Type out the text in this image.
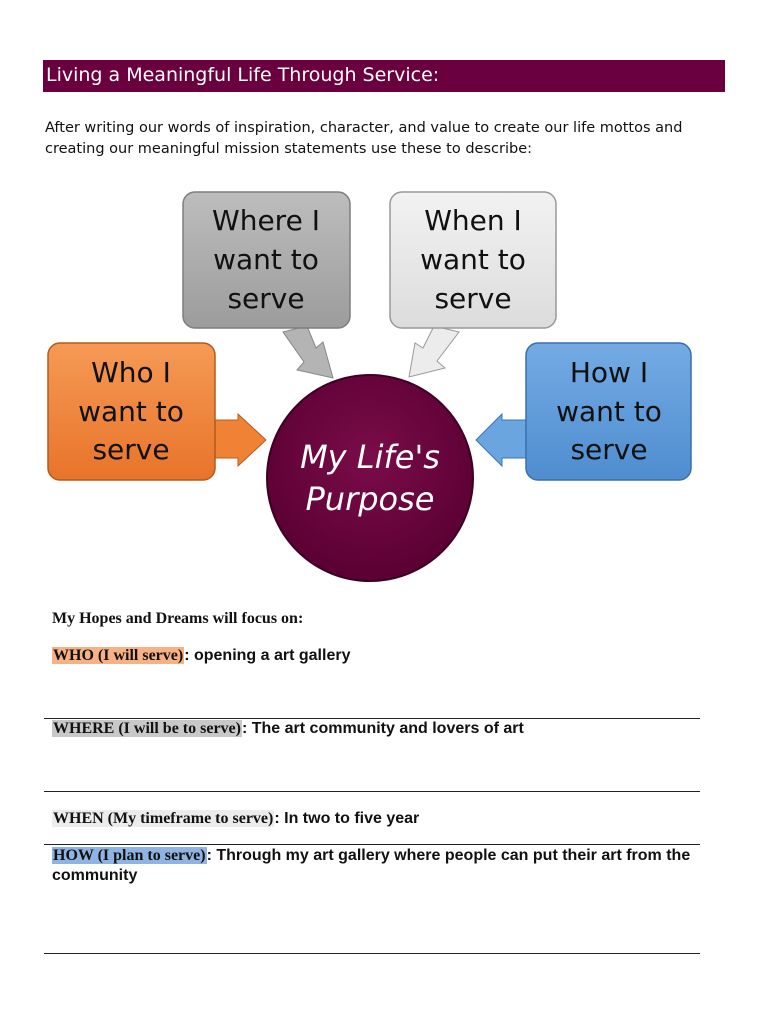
Living a Meaningful Life Through Service:
After writing our words of inspiration, character, and value to create our life mottos and creating our meaningful mission statements use these to describe:
Where I
want to
serve
When I
want to
serve
Who I
want to
serve
How I
want to
serve
My Life's
Purpose
My Hopes and Dreams will focus on:
WHO (I will serve): opening a art gallery
WHERE (I will be to serve): The art community and lovers of art
WHEN (My timeframe to serve): In two to five year
HOW (I plan to serve): Through my art gallery where people can put their art from the community
